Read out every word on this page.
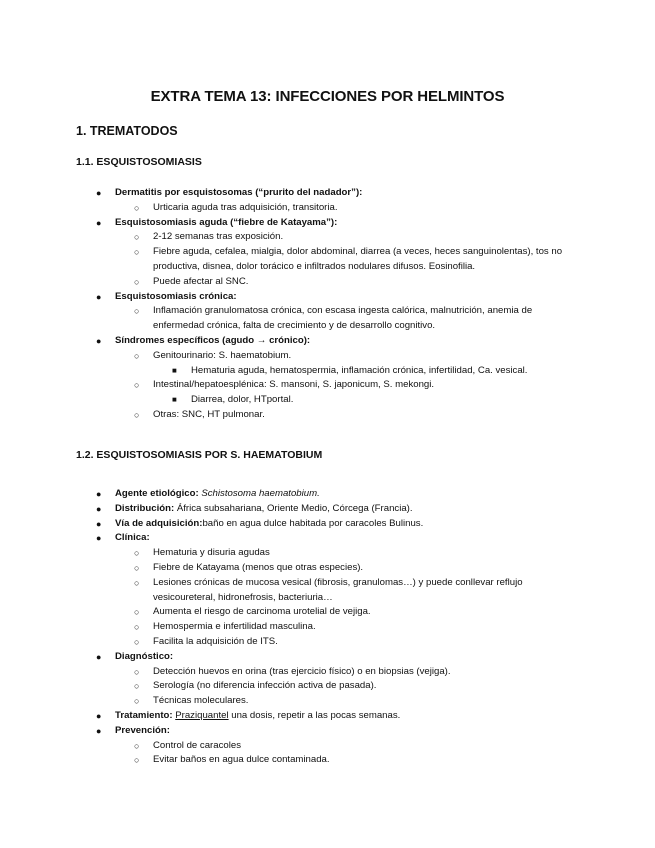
EXTRA TEMA 13: INFECCIONES POR HELMINTOS
1. TREMATODOS
1.1. ESQUISTOSOMIASIS
● Dermatitis por esquistosomas (“prurito del nadador”):
○ Urticaria aguda tras adquisición, transitoria.
● Esquistosomiasis aguda (“fiebre de Katayama”):
○ 2-12 semanas tras exposición.
○ Fiebre aguda, cefalea, mialgia, dolor abdominal, diarrea (a veces, heces sanguinolentas), tos no productiva, disnea, dolor torácico e infiltrados nodulares difusos. Eosinofilia.
○ Puede afectar al SNC.
● Esquistosomiasis crónica:
○ Inflamación granulomatosa crónica, con escasa ingesta calórica, malnutrición, anemia de enfermedad crónica, falta de crecimiento y de desarrollo cognitivo.
● Síndromes específicos (agudo → crónico):
○ Genitourinario: S. haematobium.
■ Hematuria aguda, hematospermia, inflamación crónica, infertilidad, Ca. vesical.
○ Intestinal/hepatoesplénica: S. mansoni, S. japonicum, S. mekongi.
■ Diarrea, dolor, HTportal.
○ Otras: SNC, HT pulmonar.
1.2. ESQUISTOSOMIASIS POR S. HAEMATOBIUM
● Agente etiológico: Schistosoma haematobium.
● Distribución: África subsahariana, Oriente Medio, Córcega (Francia).
● Vía de adquisición:baño en agua dulce habitada por caracoles Bulinus.
● Clínica:
○ Hematuria y disuria agudas
○ Fiebre de Katayama (menos que otras especies).
○ Lesiones crónicas de mucosa vesical (fibrosis, granulomas…) y puede conllevar reflujo vesicoureteral, hidronefrosis, bacteriuria…
○ Aumenta el riesgo de carcinoma urotelial de vejiga.
○ Hemospermia e infertilidad masculina.
○ Facilita la adquisición de ITS.
● Diagnóstico:
○ Detección huevos en orina (tras ejercicio físico) o en biopsias (vejiga).
○ Serología (no diferencia infección activa de pasada).
○ Técnicas moleculares.
● Tratamiento: Praziquantel una dosis, repetir a las pocas semanas.
● Prevención:
○ Control de caracoles
○ Evitar baños en agua dulce contaminada.
